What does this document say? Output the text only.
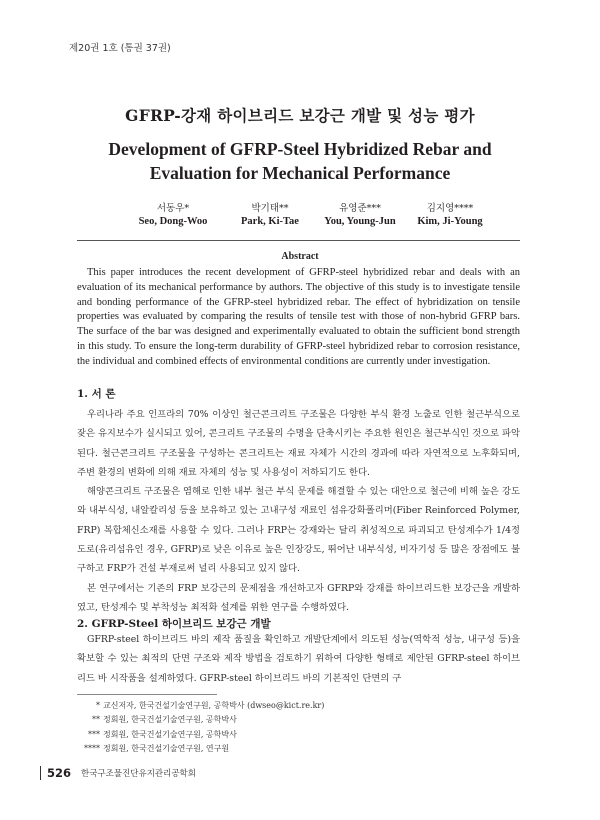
제20권 1호 (통권 37권)
GFRP-강재 하이브리드 보강근 개발 및 성능 평가
Development of GFRP-Steel Hybridized Rebar and
Evaluation for Mechanical Performance
서동우*
Seo, Dong-Woo
박기태**
Park, Ki-Tae
유영준***
You, Young-Jun
김지영****
Kim, Ji-Young
Abstract
This paper introduces the recent development of GFRP-steel hybridized rebar and deals with an evaluation of its mechanical performance by authors. The objective of this study is to investigate tensile and bonding performance of the GFRP-steel hybridized rebar. The effect of hybridization on tensile properties was evaluated by comparing the results of tensile test with those of non-hybrid GFRP bars. The surface of the bar was designed and experimentally evaluated to obtain the sufficient bond strength in this study. To ensure the long-term durability of GFRP-steel hybridized rebar to corrosion resistance, the individual and combined effects of environmental conditions are currently under investigation.
1. 서 론

우리나라 주요 인프라의 70% 이상인 철근콘크리트 구조물은 다양한 부식 환경 노출로 인한 철근부식으로 잦은 유지보수가 실시되고 있어, 콘크리트 구조물의 수명을 단축시키는 주요한 원인은 철근부식인 것으로 파악된다. 철근콘크리트 구조물을 구성하는 콘크리트는 재료 자체가 시간의 경과에 따라 자연적으로 노후화되며, 주변 환경의 변화에 의해 재료 자체의 성능 및 사용성이 저하되기도 한다.

해양콘크리트 구조물은 염해로 인한 내부 철근 부식 문제를 해결할 수 있는 대안으로 철근에 비해 높은 강도와 내부식성, 내알칼리성 등을 보유하고 있는 고내구성 재료인 섬유강화폴리머(Fiber Reinforced Polymer, FRP) 복합체신소재를 사용할 수 있다. 그러나 FRP는 강재와는 달리 취성적으로 파괴되고 탄성계수가 1/4정도로(유리섬유인 경우, GFRP)로 낮은 이유로 높은 인장강도, 뛰어난 내부식성, 비자기성 등 많은 장점에도 불구하고 FRP가 건설 부재로써 널리 사용되고 있지 않다.

본 연구에서는 기존의 FRP 보강근의 문제점을 개선하고자 GFRP와 강재를 하이브리드한 보강근을 개발하였고, 탄성계수 및 부착성능 최적화 설계를 위한 연구를 수행하였다.

2. GFRP-Steel 하이브리드 보강근 개발

GFRP-steel 하이브리드 바의 제작 품질을 확인하고 개발단계에서 의도된 성능(역학적 성능, 내구성 등)을 확보할 수 있는 최적의 단면 구조와 제작 방법을 검토하기 위하여 다양한 형태로 제안된 GFRP-steel 하이브리드 바 시작품을 설계하였다. GFRP-steel 하이브리드 바의 기본적인 단면의 구

* 교신저자, 한국건설기술연구원, 공학박사 (dwseo@kict.re.kr)
** 정회원, 한국건설기술연구원, 공학박사
*** 정회원, 한국건설기술연구원, 공학박사
**** 정회원, 한국건설기술연구원, 연구원
526 한국구조물진단유지관리공학회
